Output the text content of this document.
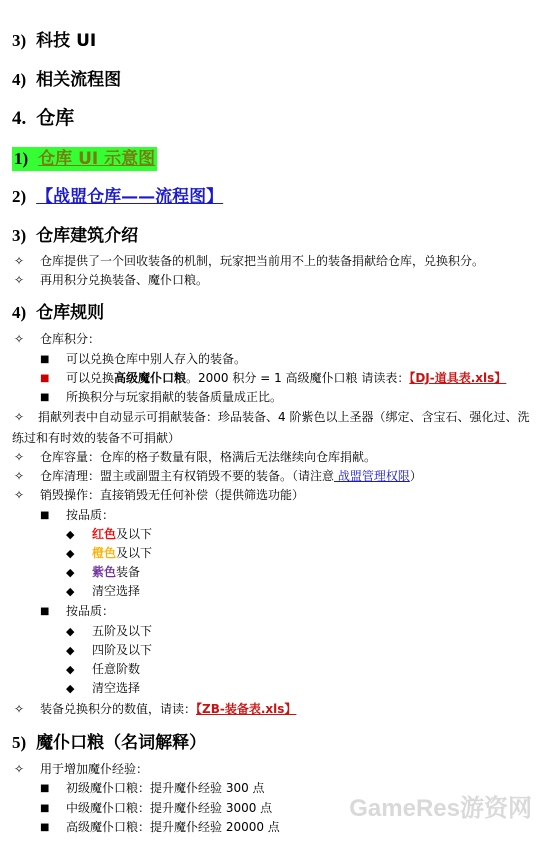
3) 科技 UI
4) 相关流程图
4. 仓库
1) 仓库 UI 示意图
2) 【战盟仓库——流程图】
3) 仓库建筑介绍
✧ 仓库提供了一个回收装备的机制，玩家把当前用不上的装备捐献给仓库，兑换积分。
✧ 再用积分兑换装备、魔仆口粮。
4) 仓库规则
✧ 仓库积分：
■ 可以兑换仓库中别人存入的装备。
■ 可以兑换高级魔仆口粮。2000 积分 = 1 高级魔仆口粮 请读表：【DJ-道具表.xls】
■ 所换积分与玩家捐献的装备质量成正比。
✧	捐献列表中自动显示可捐献装备：珍品装备、4 阶紫色以上圣器（绑定、含宝石、强化过、洗练过和有时效的装备不可捐献）
✧ 仓库容量：仓库的格子数量有限，格满后无法继续向仓库捐献。
✧ 仓库清理：盟主或副盟主有权销毁不要的装备。（请注意 战盟管理权限）
✧ 销毁操作：直接销毁无任何补偿（提供筛选功能）
■ 按品质：
◆ 红色及以下
◆ 橙色及以下
◆ 紫色装备
◆ 清空选择
■ 按品质：
◆ 五阶及以下
◆ 四阶及以下
◆ 任意阶数
◆ 清空选择
✧ 装备兑换积分的数值，请读：【ZB-装备表.xls】
5) 魔仆口粮（名词解释）
✧ 用于增加魔仆经验：
■ 初级魔仆口粮：提升魔仆经验 300 点
■ 中级魔仆口粮：提升魔仆经验 3000 点
■ 高级魔仆口粮：提升魔仆经验 20000 点
GameRes游资网
